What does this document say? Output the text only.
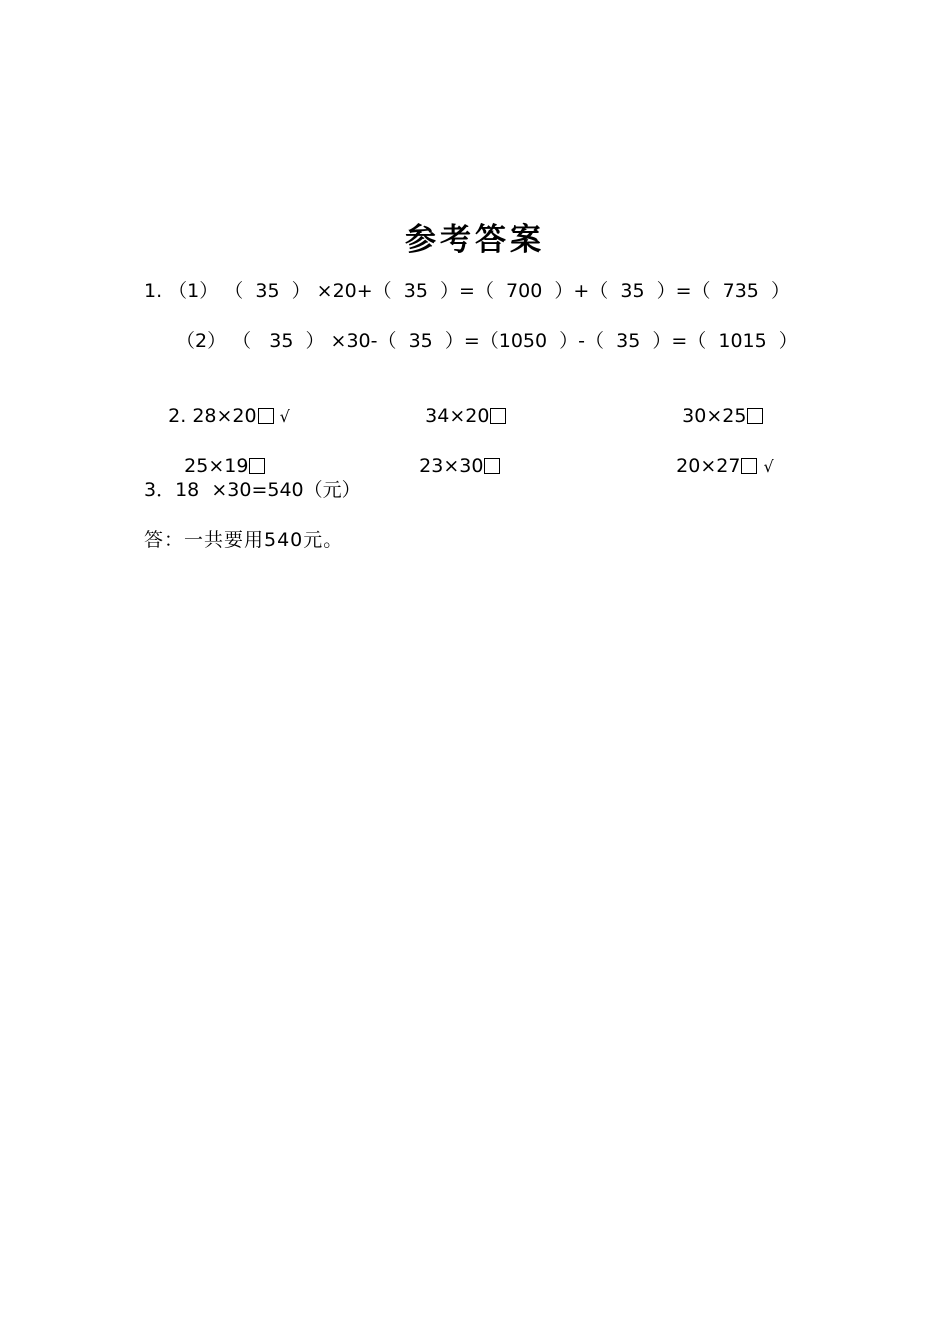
参考答案
1. （1） （  35  ） ×20+（  35  ）=（  700  ）+（  35  ）=（  735  ）
（2） （   35  ） ×30-（  35  ）=（1050  ）-（  35  ）=（  1015  ）

2. 28×20 √
	34×20
	30×25

25×19
	23×30
	20×27 √

3．18  ×30=540（元）
答：一共要用540元。
